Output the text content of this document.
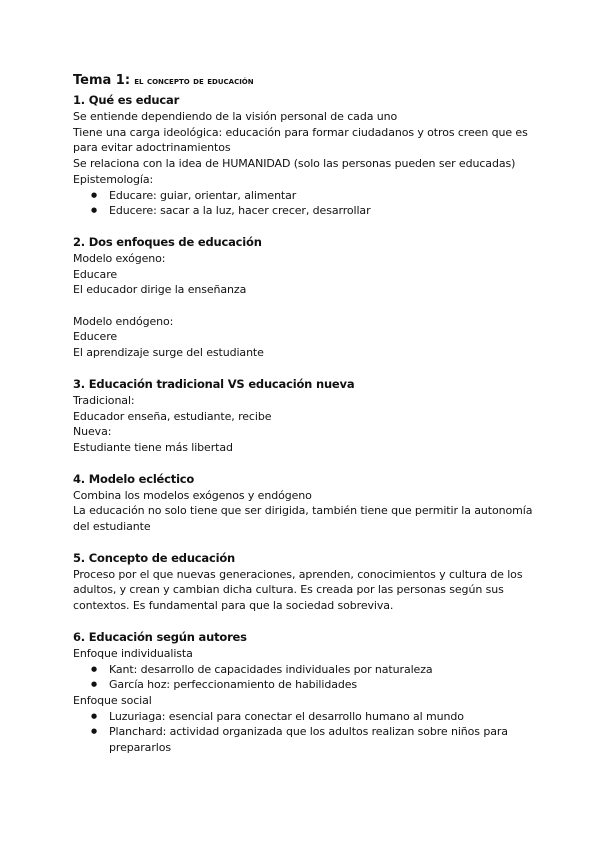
Tema 1: el concepto de educación
1. Qué es educar

Se entiende dependiendo de la visión personal de cada uno

Tiene una carga ideológica: educación para formar ciudadanos y otros creen que es para evitar adoctrinamientos

Se relaciona con la idea de HUMANIDAD (solo las personas pueden ser educadas)

Epistemología:

● Educare: guiar, orientar, alimentar
● Educere: sacar a la luz, hacer crecer, desarrollar
2. Dos enfoques de educación

Modelo exógeno:

Educare

El educador dirige la enseñanza

Modelo endógeno:

Educere

El aprendizaje surge del estudiante

3. Educación tradicional VS educación nueva

Tradicional:

Educador enseña, estudiante, recibe

Nueva:

Estudiante tiene más libertad

4. Modelo ecléctico

Combina los modelos exógenos y endógeno

La educación no solo tiene que ser dirigida, también tiene que permitir la autonomía del estudiante

5. Concepto de educación

Proceso por el que nuevas generaciones, aprenden, conocimientos y cultura de los adultos, y crean y cambian dicha cultura. Es creada por las personas según sus contextos. Es fundamental para que la sociedad sobreviva.

6. Educación según autores

Enfoque individualista

● Kant: desarrollo de capacidades individuales por naturaleza
● García hoz: perfeccionamiento de habilidades

Enfoque social

● Luzuriaga: esencial para conectar el desarrollo humano al mundo
● Planchard: actividad organizada que los adultos realizan sobre niños para prepararlos
